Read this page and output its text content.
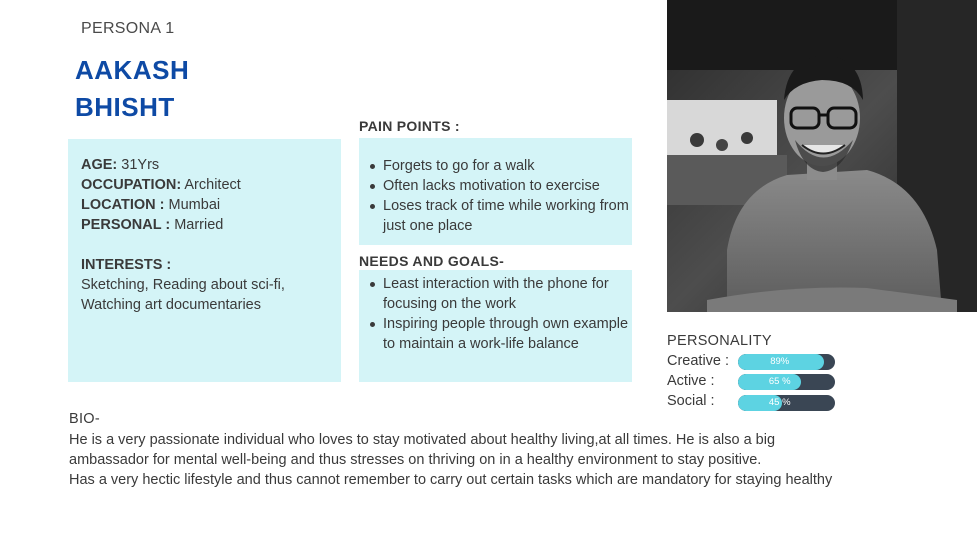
PERSONA 1
AAKASH
BHISHT
AGE: 31Yrs
OCCUPATION: Architect
LOCATION : Mumbai
PERSONAL : Married
INTERESTS :
Sketching, Reading about sci-fi,
Watching art documentaries
PAIN POINTS :
Forgets to go for a walk
Often lacks motivation to exercise
Loses track of time while working from just one place
NEEDS AND GOALS-
Least interaction with the phone for focusing on the work
Inspiring people through own example to maintain a work-life balance	PERSONALITY
Creative :	89%
Active :	65 %
Social :	45 %
BIO-
He is a very passionate individual who loves to stay motivated about healthy living,at all times. He is also a big
ambassador for mental well-being and thus stresses on thriving on in a healthy environment to stay positive.
Has a very hectic lifestyle and thus cannot remember to carry out certain tasks which are mandatory for staying healthy
